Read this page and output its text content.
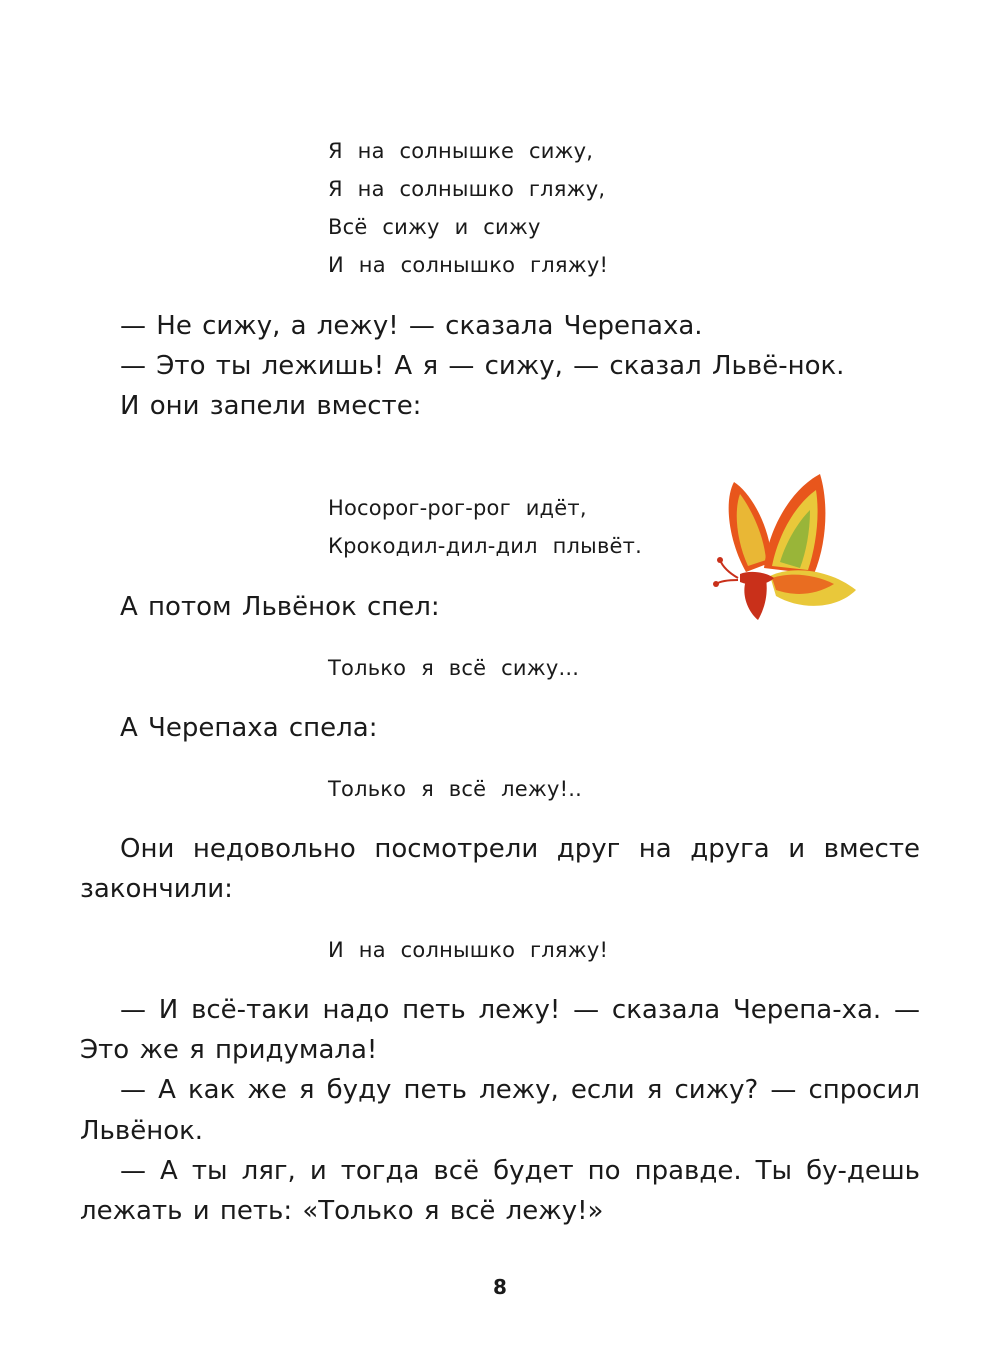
Я на солнышке сижу,
Я на солнышко гляжу,
Всё сижу и сижу
И на солнышко гляжу!
— Не сижу, а лежу! — сказала Черепаха.
— Это ты лежишь! А я — сижу, — сказал Львё-нок.
И они запели вместе:
Носорог-рог-рог идёт,
Крокодил-дил-дил плывёт.
А потом Львёнок спел:
Только я всё сижу...
А Черепаха спела:
Только я всё лежу!..
Они недовольно посмотрели друг на друга и вместе закончили:
И на солнышко гляжу!
— И всё-таки надо петь лежу! — сказала Черепа-ха. — Это же я придумала!
— А как же я буду петь лежу, если я сижу? — спросил Львёнок.
— А ты ляг, и тогда всё будет по правде. Ты бу-дешь лежать и петь: «Только я всё лежу!»
8
